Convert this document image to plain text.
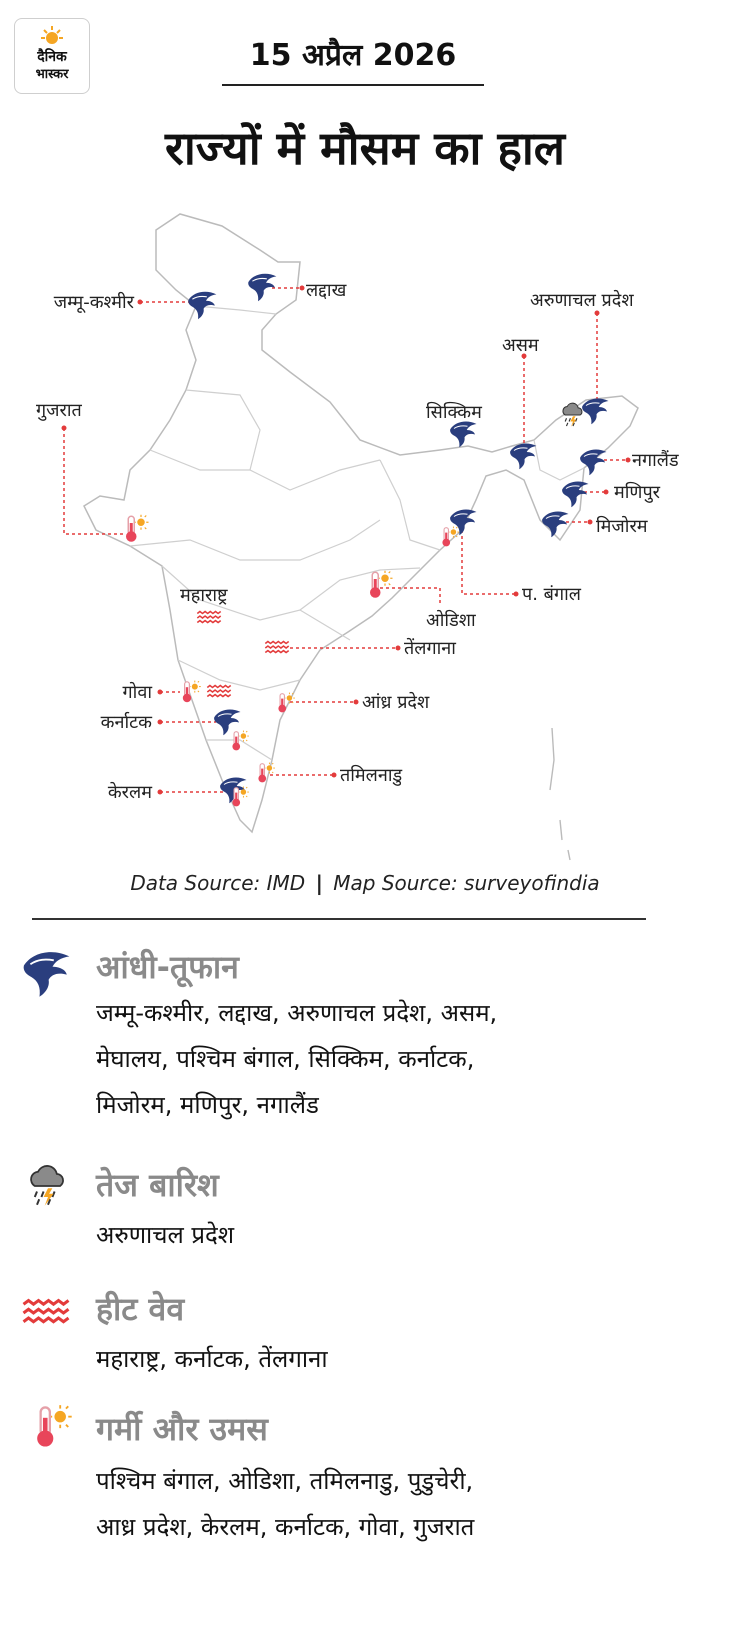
दैनिक
भास्कर
15 अप्रैल 2026
राज्यों में मौसम का हाल
लद्दाख
जम्मू-कश्मीर	अरुणाचल प्रदेश
असम
गुजरात	सिक्किम
नगालैंड
मणिपुर
मिजोरम
महाराष्ट्र	प. बंगाल
ओडिशा
तेंलगाना
गोवा	आंध्र प्रदेश
कर्नाटक
तमिलनाडु
केरलम
Data Source: IMD | Map Source: surveyofindia
आंधी-तूफान
जम्मू-कश्मीर, लद्दाख, अरुणाचल प्रदेश, असम,
मेघालय, पश्चिम बंगाल, सिक्किम, कर्नाटक,
मिजोरम, मणिपुर, नगालैंड
तेज बारिश
अरुणाचल प्रदेश
हीट वेव
महाराष्ट्र, कर्नाटक, तेंलगाना
गर्मी और उमस
पश्चिम बंगाल, ओडिशा, तमिलनाडु, पुडुचेरी,
आध्र प्रदेश, केरलम, कर्नाटक, गोवा, गुजरात
